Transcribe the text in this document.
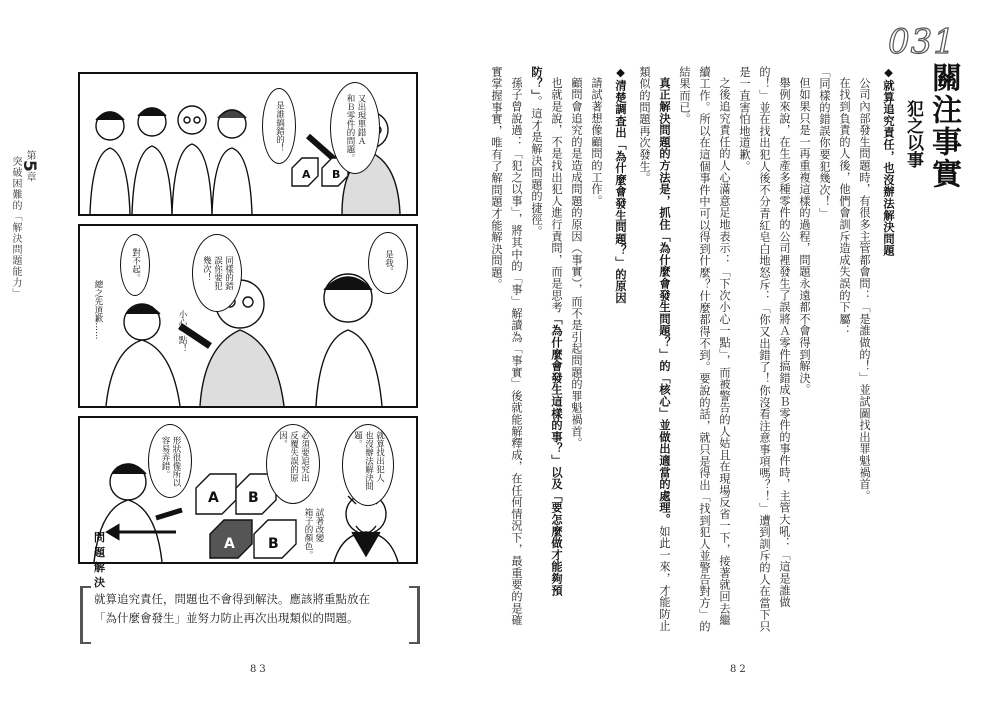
第5章
突破困難的「解決問題能力」
又出現單錯Ａ
和Ｂ零件的問題。
是誰搞錯的！
A B
是我。
同樣的錯
誤你要犯
幾次！
小心一點！
對不起。
總之先道歉……
就算找出犯人
也沒辦法解決問題。
必須要追究出
反覆失誤的原因。
形狀很像所以
容易弄錯。
試著改變
箱子的顏色。
問題
解決
A B
A B
就算追究責任，問題也不會得到解決。應該將重點放在
「為什麼會發生」並努力防止再次出現類似的問題。
83
031
關注事實
犯之以事

◆就算追究責任，也沒辦法解決問題

公司內部發生問題時，有很多主管都會問：「是誰做的！」並試圖找出罪魁禍首。

在找到負責的人後，他們會訓斥造成失誤的下屬：

「同樣的錯誤你要犯幾次！」

但如果只是一再重複這樣的過程，問題永遠都不會得到解決。

舉例來說，在生產多種零件的公司裡發生了誤將Ａ零件搞錯成Ｂ零件的事件時，主管大吼：「這是誰做的！」並在找出犯人後不分青紅皂白地怒斥：「你又出錯了！你沒看注意事項嗎？！」遭到訓斥的人在當下只是一直害怕地道歉。

之後追究責任的人心滿意足地表示：「下次小心一點」，而被警告的人姑且在現場反省一下，接著就回去繼續工作。所以在這個事件中可以得到什麼？什麼都得不到。要說的話，就只是得出「找到犯人並警告對方」的結果而已。

真正解決問題的方法是，抓住「為什麼會發生問題？」的「核心」並做出適當的處理。如此一來，才能防止類似的問題再次發生。

◆清楚調查出「為什麼會發生問題？」的原因

請試著想像顧問的工作。

顧問會追究的是造成問題的原因（事實），而不是引起問題的罪魁禍首。

也就是說，不是找出犯人進行責問，而是思考「為什麼會發生這樣的事？」以及「要怎麼做才能夠預防？」。這才是解決問題的捷徑。

孫子曾說過：「犯之以事」，將其中的「事」解讀為「事實」後就能解釋成，在任何情況下，最重要的是確實掌握事實，唯有了解問題才能解決問題。

82
